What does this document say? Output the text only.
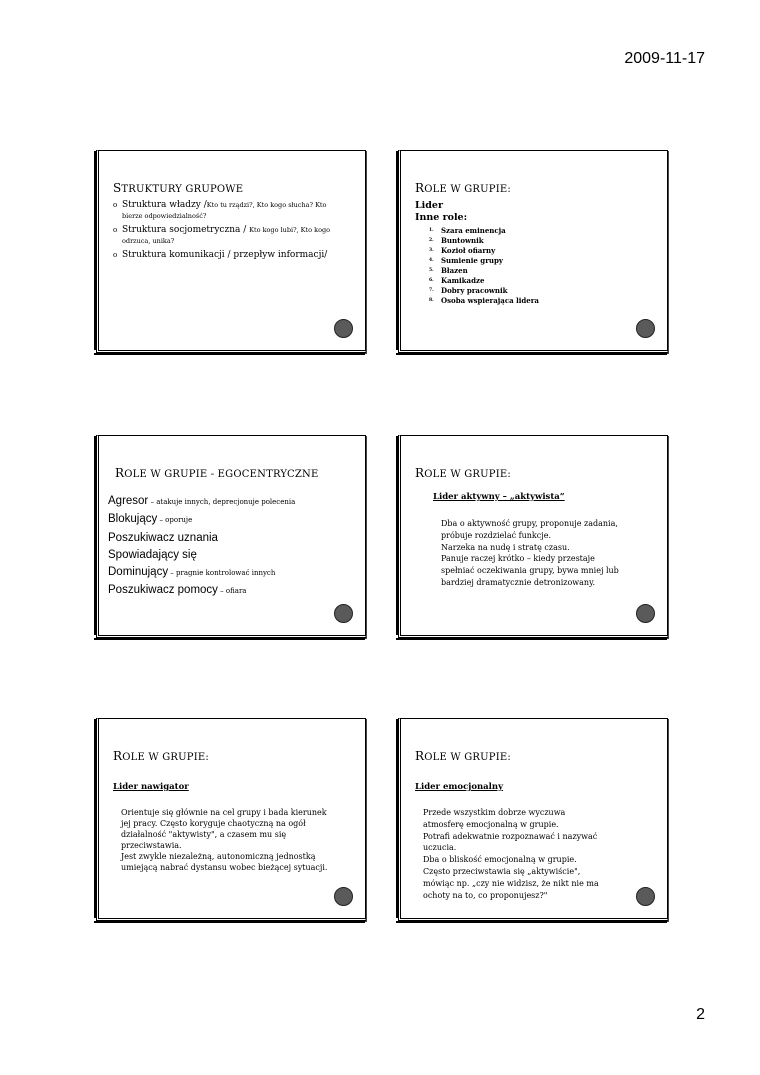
2009-11-17
STRUKTURY GRUPOWE
o Struktura władzy /Kto tu rządzi?, Kto kogo słucha? Kto bierze odpowiedzialność?
o Struktura socjometryczna / Kto kogo lubi?, Kto kogo odrzuca, unika?
o Struktura komunikacji / przepływ informacji/
ROLE W GRUPIE:
Lider
Inne role:
1. Szara eminencja
2. Buntownik
3. Kozioł ofiarny
4. Sumienie grupy
5. Błazen
6. Kamikadze
7. Dobry pracownik
8. Osoba wspierająca lidera
ROLE W GRUPIE - EGOCENTRYCZNE
Agresor – atakuje innych, deprecjonuje polecenia
Blokujący – oporuje
Poszukiwacz uznania
Spowiadający się
Dominujący – pragnie kontrolować innych
Poszukiwacz pomocy – ofiara
ROLE W GRUPIE:
Lider aktywny – „aktywista”
Dba o aktywność grupy, proponuje zadania,
próbuje rozdzielać funkcje.
Narzeka na nudę i stratę czasu.
Panuje raczej krótko – kiedy przestaje
spełniać oczekiwania grupy, bywa mniej lub
bardziej dramatycznie detronizowany.
ROLE W GRUPIE:
Lider nawigator
Orientuje się głównie na cel grupy i bada kierunek
jej pracy. Często koryguje chaotyczną na ogół
działalność "aktywisty", a czasem mu się
przeciwstawia.
Jest zwykle niezależną, autonomiczną jednostką
umiejącą nabrać dystansu wobec bieżącej sytuacji.
ROLE W GRUPIE:
Lider emocjonalny
Przede wszystkim dobrze wyczuwa
atmosferę emocjonalną w grupie.
Potrafi adekwatnie rozpoznawać i nazywać
uczucia.
Dba o bliskość emocjonalną w grupie.
Często przeciwstawia się „aktywiście",
mówiąc np. „czy nie widzisz, że nikt nie ma
ochoty na to, co proponujesz?"
2
